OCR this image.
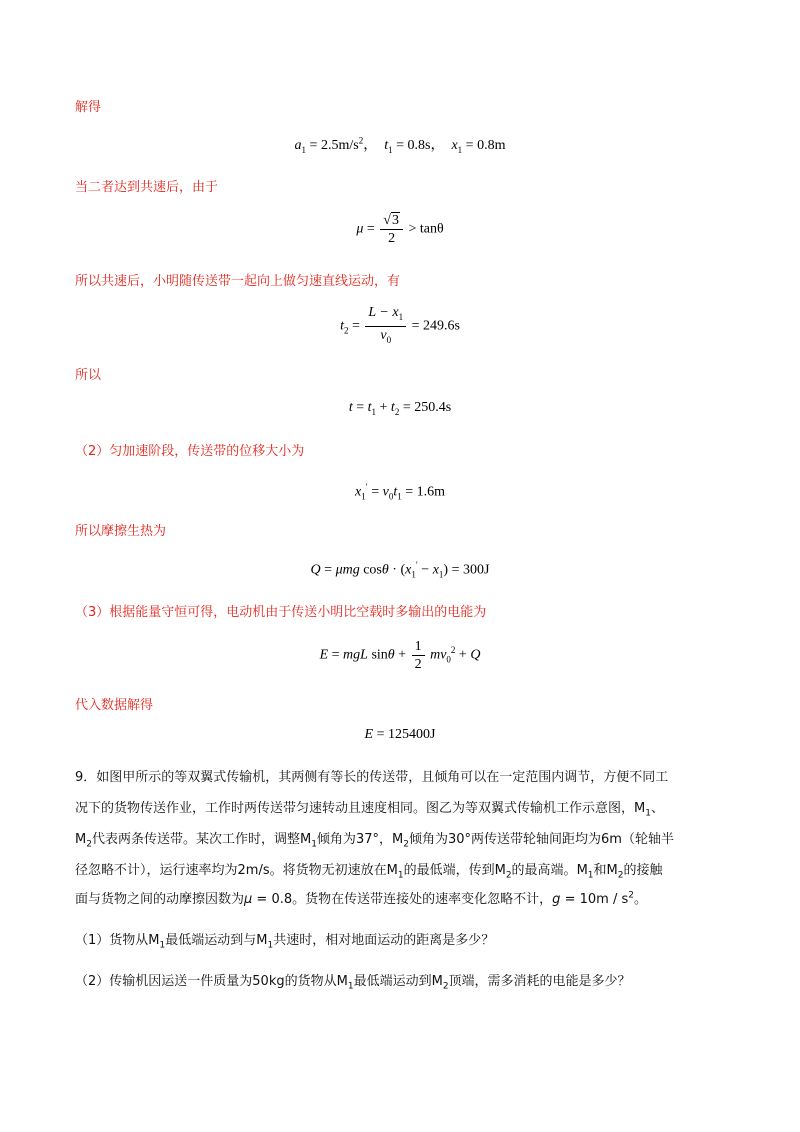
解得
$a_1 = 2.5m/s^2$，  $t_1 = 0.8s$，  $x_1 = 0.8m$
当二者达到共速后，由于
$\mu = \frac{√3}{2} > \tan\theta$
所以共速后，小明随传送带一起向上做匀速直线运动，有
$t_2 = \frac{L - x_1}{v_0} = 249.6s$
所以
$t = t_1 + t_2 = 250.4s$
（2）匀加速阶段，传送带的位移大小为
$x_1' = v_0t_1 = 1.6m$
所以摩擦生热为
Q = μmg $\cos\theta \cdot (x_1' - x_1) = 300J$
（3）根据能量守恒可得，电动机由于传送小明比空载时多输出的电能为
E = mgL $\sin\theta + \frac{1}{2} mv_0^2 + Q$
代入数据解得
E = 125400J
9．如图甲所示的等双翼式传输机，其两侧有等长的传送带，且倾角可以在一定范围内调节，方便不同工
况下的货物传送作业，工作时两传送带匀速转动且速度相同。图乙为等双翼式传输机工作示意图，$M_1$、
$M_2$代表两条传送带。某次工作时，调整$M_1$倾角为37°，$M_2$倾角为30°两传送带轮轴间距均为6m（轮轴半
径忽略不计），运行速率均为2m/s。将货物无初速放在$M_1$的最低端，传到$M_2$的最高端。$M_1$和$M_2$的接触
面与货物之间的动摩擦因数为μ = 0.8。货物在传送带连接处的速率变化忽略不计，$g = 10m / s^2$。
（1）货物从$M_1$最低端运动到与$M_1$共速时，相对地面运动的距离是多少？
（2）传输机因运送一件质量为50kg的货物从$M_1$最低端运动到$M_2$顶端，需多消耗的电能是多少？
